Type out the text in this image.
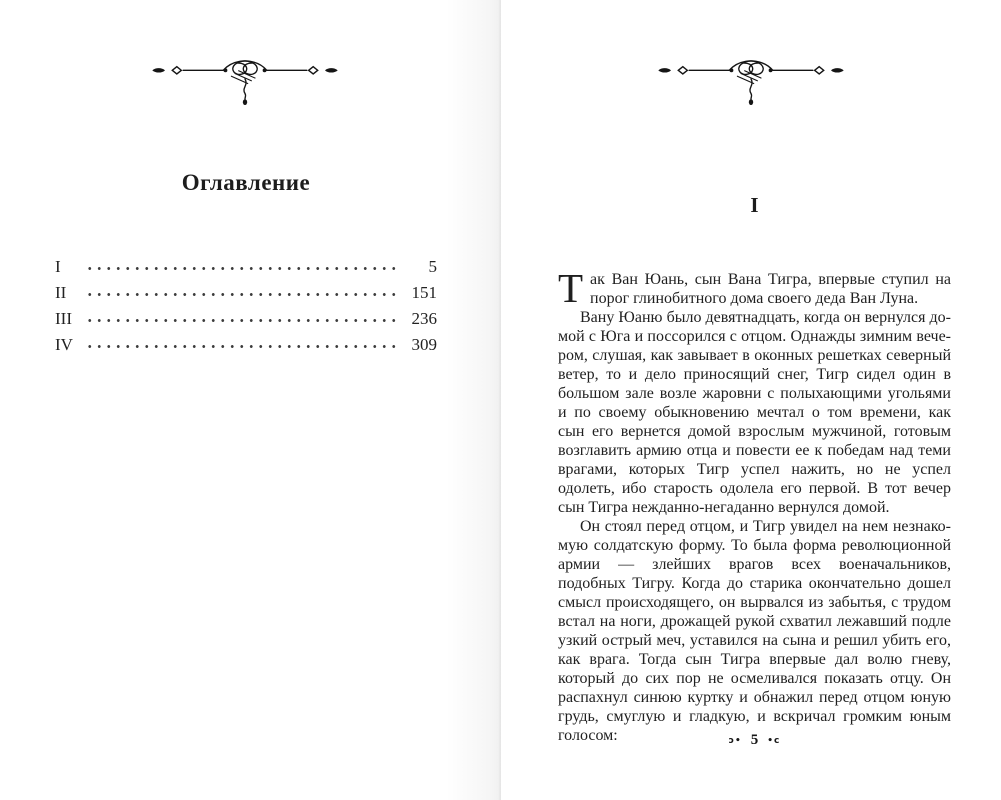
Оглавление
I	5
II	151
III	236
IV	309
I

Так Ван Юань, сын Вана Тигра, впервые ступил на порог глинобитного дома своего деда Ван Луна.

Вану Юаню было девятнадцать, когда он вернулся домой с Юга и поссорился с отцом. Однажды зимним вечером, слушая, как завывает в оконных решетках северный ветер, то и дело приносящий снег, Тигр сидел один в большом зале возле жаровни с полыхающими угольями и по своему обыкновению мечтал о том времени, как сын его вернется домой взрослым мужчиной, готовым возглавить армию отца и повести ее к победам над теми врагами, которых Тигр успел нажить, но не успел одолеть, ибо старость одолела его первой. В тот вечер сын Тигра нежданно-негаданно вернулся домой.

Он стоял перед отцом, и Тигр увидел на нем незнакомую солдатскую форму. То была форма революционной армии — злейших врагов всех военачальников, подобных Тигру. Когда до старика окончательно дошел смысл происходящего, он вырвался из забытья, с трудом встал на ноги, дрожащей рукой схватил лежавший подле узкий острый меч, уставился на сына и решил убить его, как врага. Тогда сын Тигра впервые дал волю гневу, который до сих пор не осмеливался показать отцу. Он распахнул синюю куртку и обнажил перед отцом юную грудь, смуглую и гладкую, и вскричал громким юным голосом:	ɔ• 5 •c
